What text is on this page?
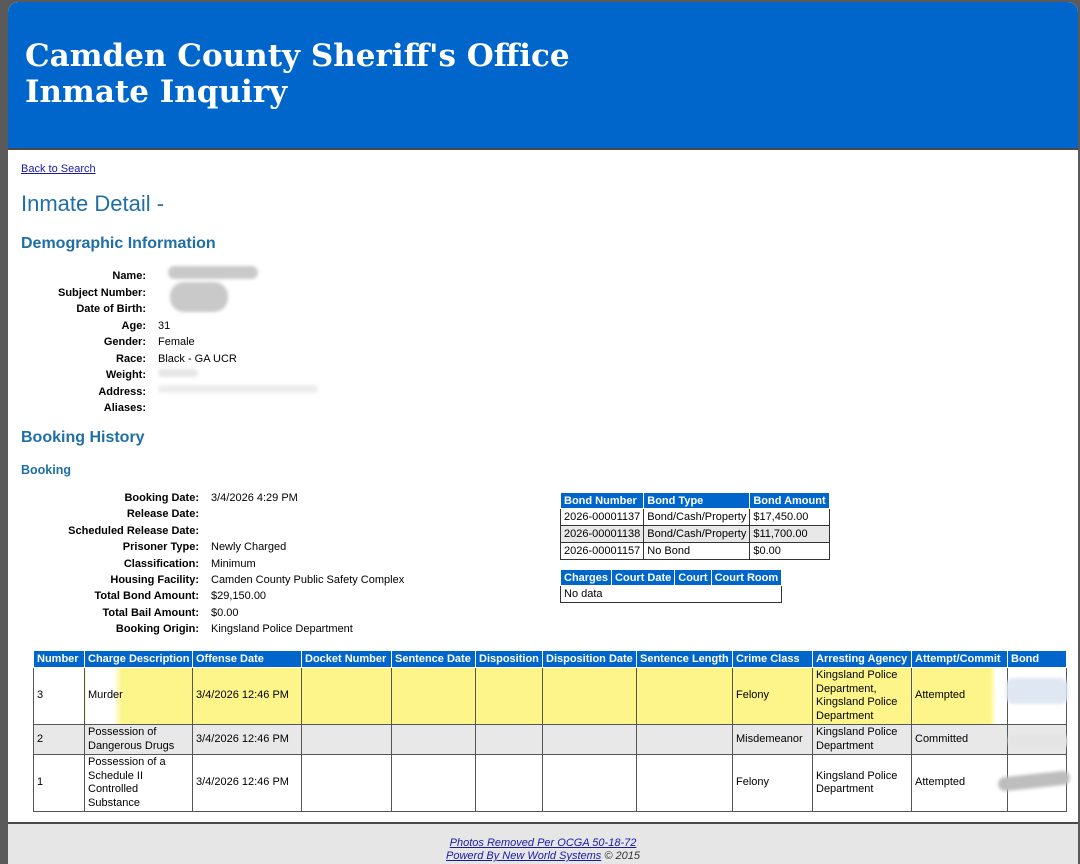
Camden County Sheriff's Office
Inmate Inquiry
Back to Search
Inmate Detail -
Demographic Information
Name:
Subject Number:
Date of Birth:
Age: 31
Gender: Female
Race: Black - GA UCR
Weight:
Address:
Aliases:
Booking History
Booking
Booking Date: 3/4/2026 4:29 PM
Release Date:
Scheduled Release Date:
Prisoner Type: Newly Charged
Classification: Minimum
Housing Facility: Camden County Public Safety Complex
Total Bond Amount: $29,150.00
Total Bail Amount: $0.00
Booking Origin: Kingsland Police Department
Bond Number	Bond Type	Bond Amount
2026-00001137	Bond/Cash/Property	$17,450.00
2026-00001138	Bond/Cash/Property	$11,700.00
2026-00001157	No Bond	$0.00
Charges	Court Date	Court	Court Room
No data
Number	Charge Description	Offense Date	Docket Number	Sentence Date	Disposition	Disposition Date	Sentence Length	Crime Class	Arresting Agency	Attempt/Commit	Bond
3	Murder	3/4/2026 12:46 PM						Felony	Kingsland Police Department, Kingsland Police Department	Attempted	
2	Possession of Dangerous Drugs	3/4/2026 12:46 PM						Misdemeanor	Kingsland Police Department	Committed	
1	Possession of a Schedule II Controlled Substance	3/4/2026 12:46 PM						Felony	Kingsland Police Department	Attempted	
Photos Removed Per OCGA 50-18-72
Powerd By New World Systems © 2015
